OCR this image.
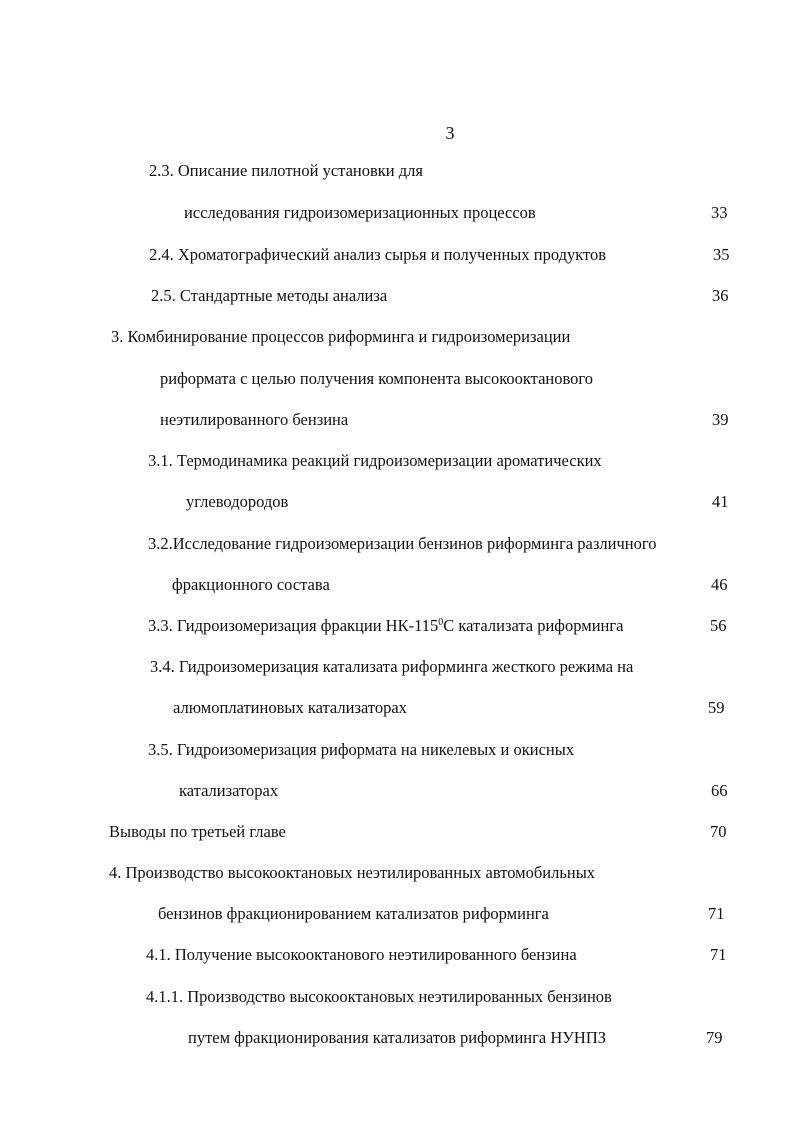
3
2.3. Описание пилотной установки для
исследования гидроизомеризационных процессов	33
2.4. Хроматографический анализ сырья и полученных продуктов	35
2.5. Стандартные методы анализа	36
3. Комбинирование процессов риформинга и гидроизомеризации
риформата с целью получения компонента высокооктанового
неэтилированного бензина	39
3.1. Термодинамика реакций гидроизомеризации ароматических
углеводородов	41
3.2.Исследование гидроизомеризации бензинов риформинга различного
фракционного состава	46
3.3. Гидроизомеризация фракции $НК-115^0С$ катализата риформинга	56
3.4. Гидроизомеризация катализата риформинга жесткого режима на
алюмоплатиновых катализаторах	59
3.5. Гидроизомеризация риформата на никелевых и окисных
катализаторах	66
Выводы по третьей главе	70
4. Производство высокооктановых неэтилированных автомобильных
бензинов фракционированием катализатов риформинга	71
4.1. Получение высокооктанового неэтилированного бензина	71
4.1.1. Производство высокооктановых неэтилированных бензинов
путем фракционирования катализатов риформинга НУНПЗ	79
